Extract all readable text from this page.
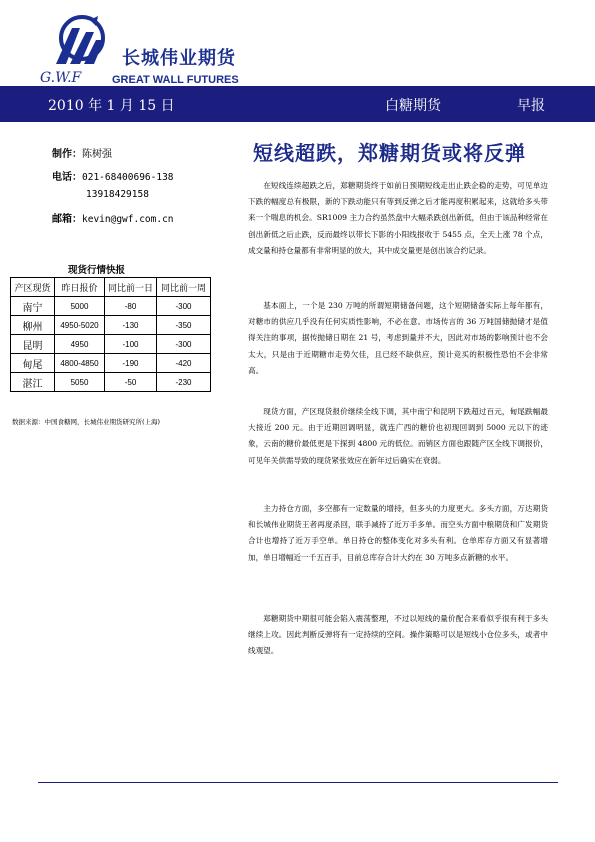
长城伟业期货
G.W.F	GREAT WALL FUTURES
2010 年 1 月 15 日	白糖期货	早报
制作：陈树强
电话：021-68400696-138
13918429158
邮箱：kevin@gwf.com.cn
现货行情快报
产区现货	昨日报价	同比前一日	同比前一周
南宁	5000	-80	-300
柳州	4950-5020	-130	-350
昆明	4950	-100	-300
甸尾	4800-4850	-190	-420
湛江	5050	-50	-230
数据来源：中国食糖网，长城伟业期货研究所(上海)
短线超跌，郑糖期货或将反弹

在短线连续超跌之后，郑糖期货终于如前日预期短线走出止跌企稳的走势，可见单边下跌的幅度总有极限，新的下跌动能只有等到反弹之后才能再度积累起来，这就给多头带来一个喘息的机会。SR1009 主力合约虽然盘中大幅杀跌创出新低，但由于该品种经常在创出新低之后止跌，反而最终以带长下影的小阳线报收于 5455 点，全天上涨 78 个点，成交量和持仓量都有非常明显的放大，其中成交量更是创出该合约记录。

基本面上，一个是 230 万吨的所谓短期储备问题，这个短期储备实际上每年都有，对糖市的供应几乎没有任何实质性影响，不必在意。市场传言的 36 万吨国储抛储才是值得关注的事项，据传抛储日期在 21 号，考虑到量并不大，因此对市场的影响预计也不会太大，只是由于近期糖市走势欠佳，且已经不缺供应，预计竞买的积极性恐怕不会非常高。

现货方面，产区现货报价继续全线下调，其中南宁和昆明下跌超过百元，甸尾跌幅最大接近 200 元。由于近期回调明显，就连广西的糖价也初现回调到 5000 元以下的迹象，云南的糖价最低更是下探到 4800 元的低位。而销区方面也跟随产区全线下调报价，可见年关供需导致的现货紧张效应在新年过后确实在衰弱。

主力持仓方面，多空都有一定数量的增持，但多头的力度更大。多头方面，万达期货和长城伟业期货王者再度杀回，联手减持了近万手多单。而空头方面中粮期货和广发期货合计也增持了近万手空单。单日持仓的整体变化对多头有利。仓单库存方面又有显著增加，单日增幅近一千五百手，目前总库存合计大约在 30 万吨多点新糖的水平。

郑糖期货中期很可能会陷入震荡整理，不过以短线的量价配合来看似乎很有利于多头继续上攻。因此判断反弹将有一定持续的空间。操作策略可以是短线小仓位多头，或者中线观望。
